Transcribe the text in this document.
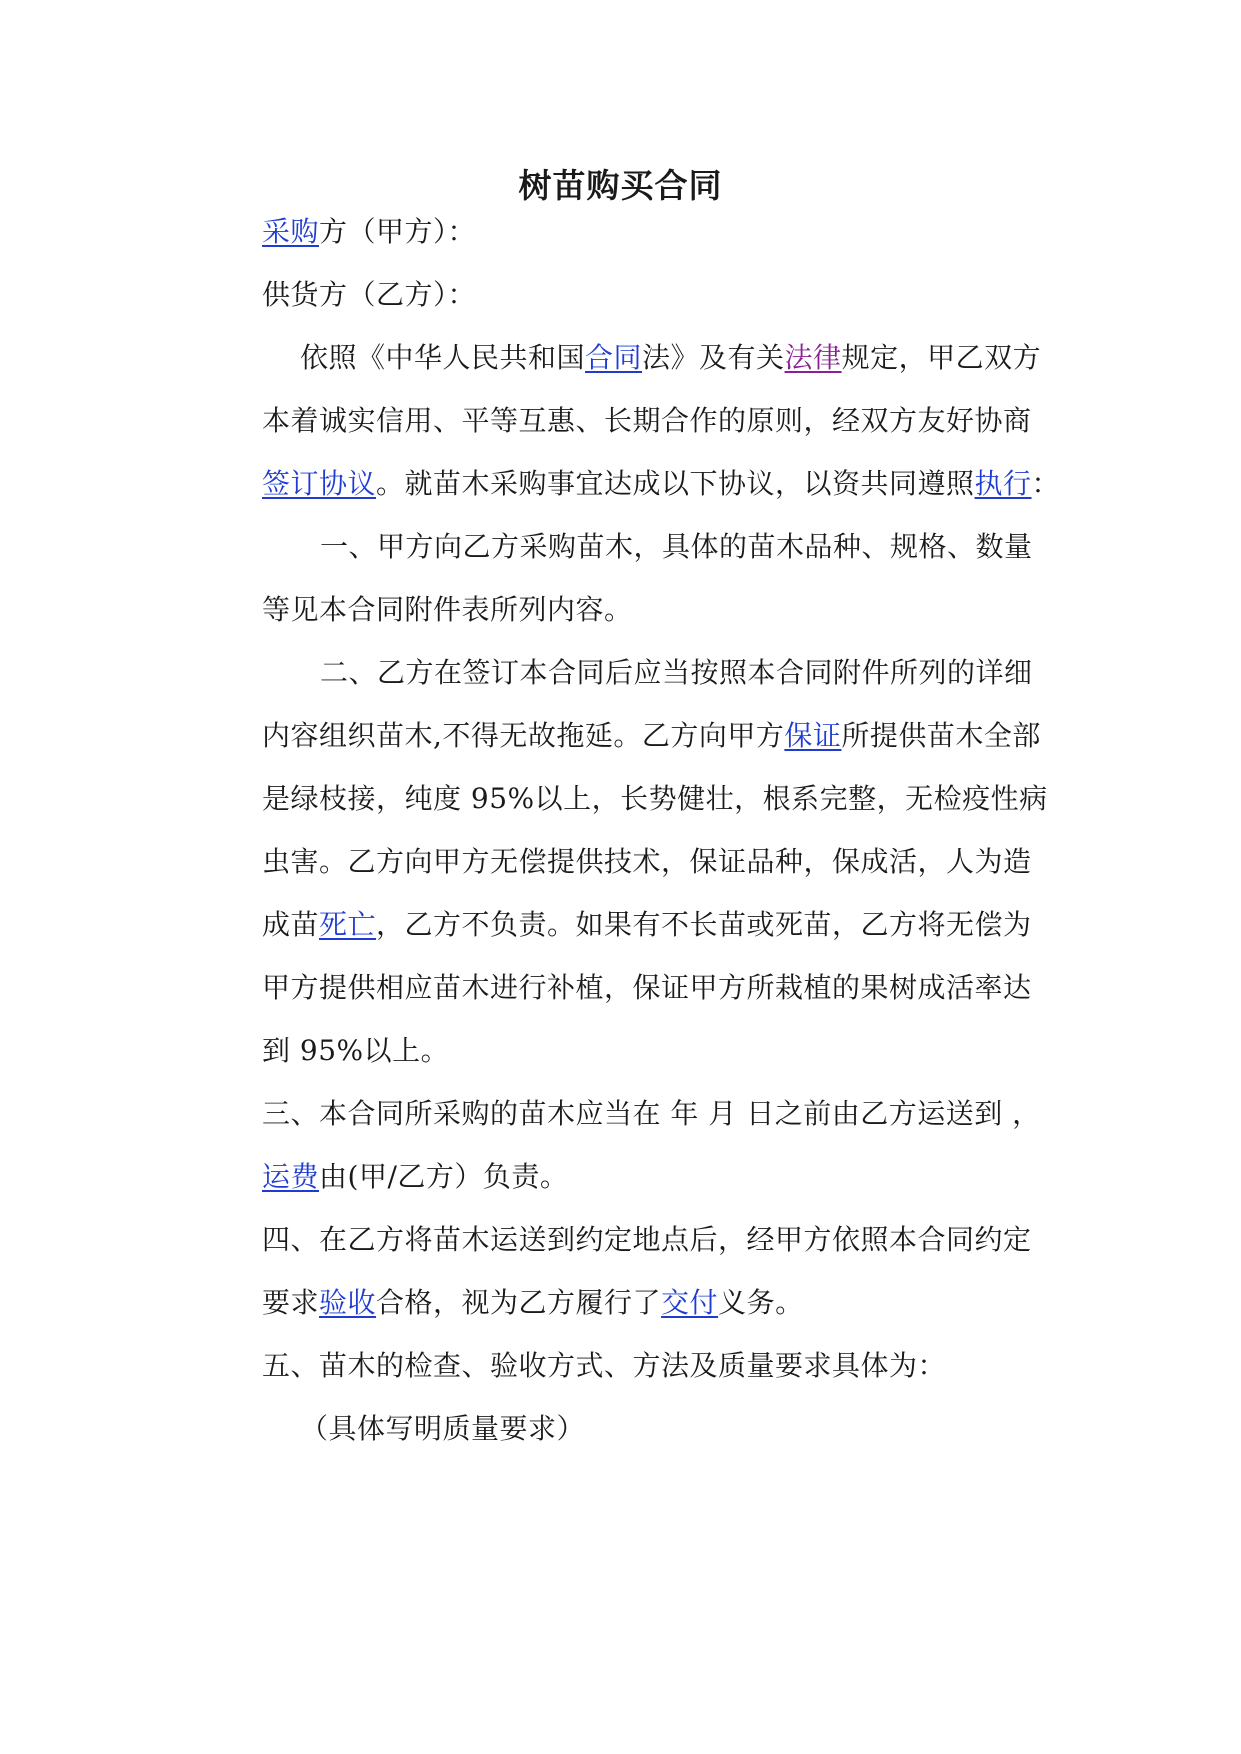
树苗购买合同
采购方（甲方）：
供货方（乙方）：
依照《中华人民共和国合同法》及有关法律规定，甲乙双方
本着诚实信用、平等互惠、长期合作的原则，经双方友好协商
签订协议。就苗木采购事宜达成以下协议，以资共同遵照执行：
一、甲方向乙方采购苗木，具体的苗木品种、规格、数量
等见本合同附件表所列内容。
二、乙方在签订本合同后应当按照本合同附件所列的详细
内容组织苗木,不得无故拖延。乙方向甲方保证所提供苗木全部
是绿枝接，纯度 95%以上，长势健壮，根系完整，无检疫性病
虫害。乙方向甲方无偿提供技术，保证品种，保成活，人为造
成苗死亡，乙方不负责。如果有不长苗或死苗，乙方将无偿为
甲方提供相应苗木进行补植，保证甲方所栽植的果树成活率达
到 95%以上。
三、本合同所采购的苗木应当在 年 月 日之前由乙方运送到 ，
运费由(甲/乙方）负责。
四、在乙方将苗木运送到约定地点后，经甲方依照本合同约定
要求验收合格，视为乙方履行了交付义务。
五、苗木的检查、验收方式、方法及质量要求具体为：
（具体写明质量要求）
